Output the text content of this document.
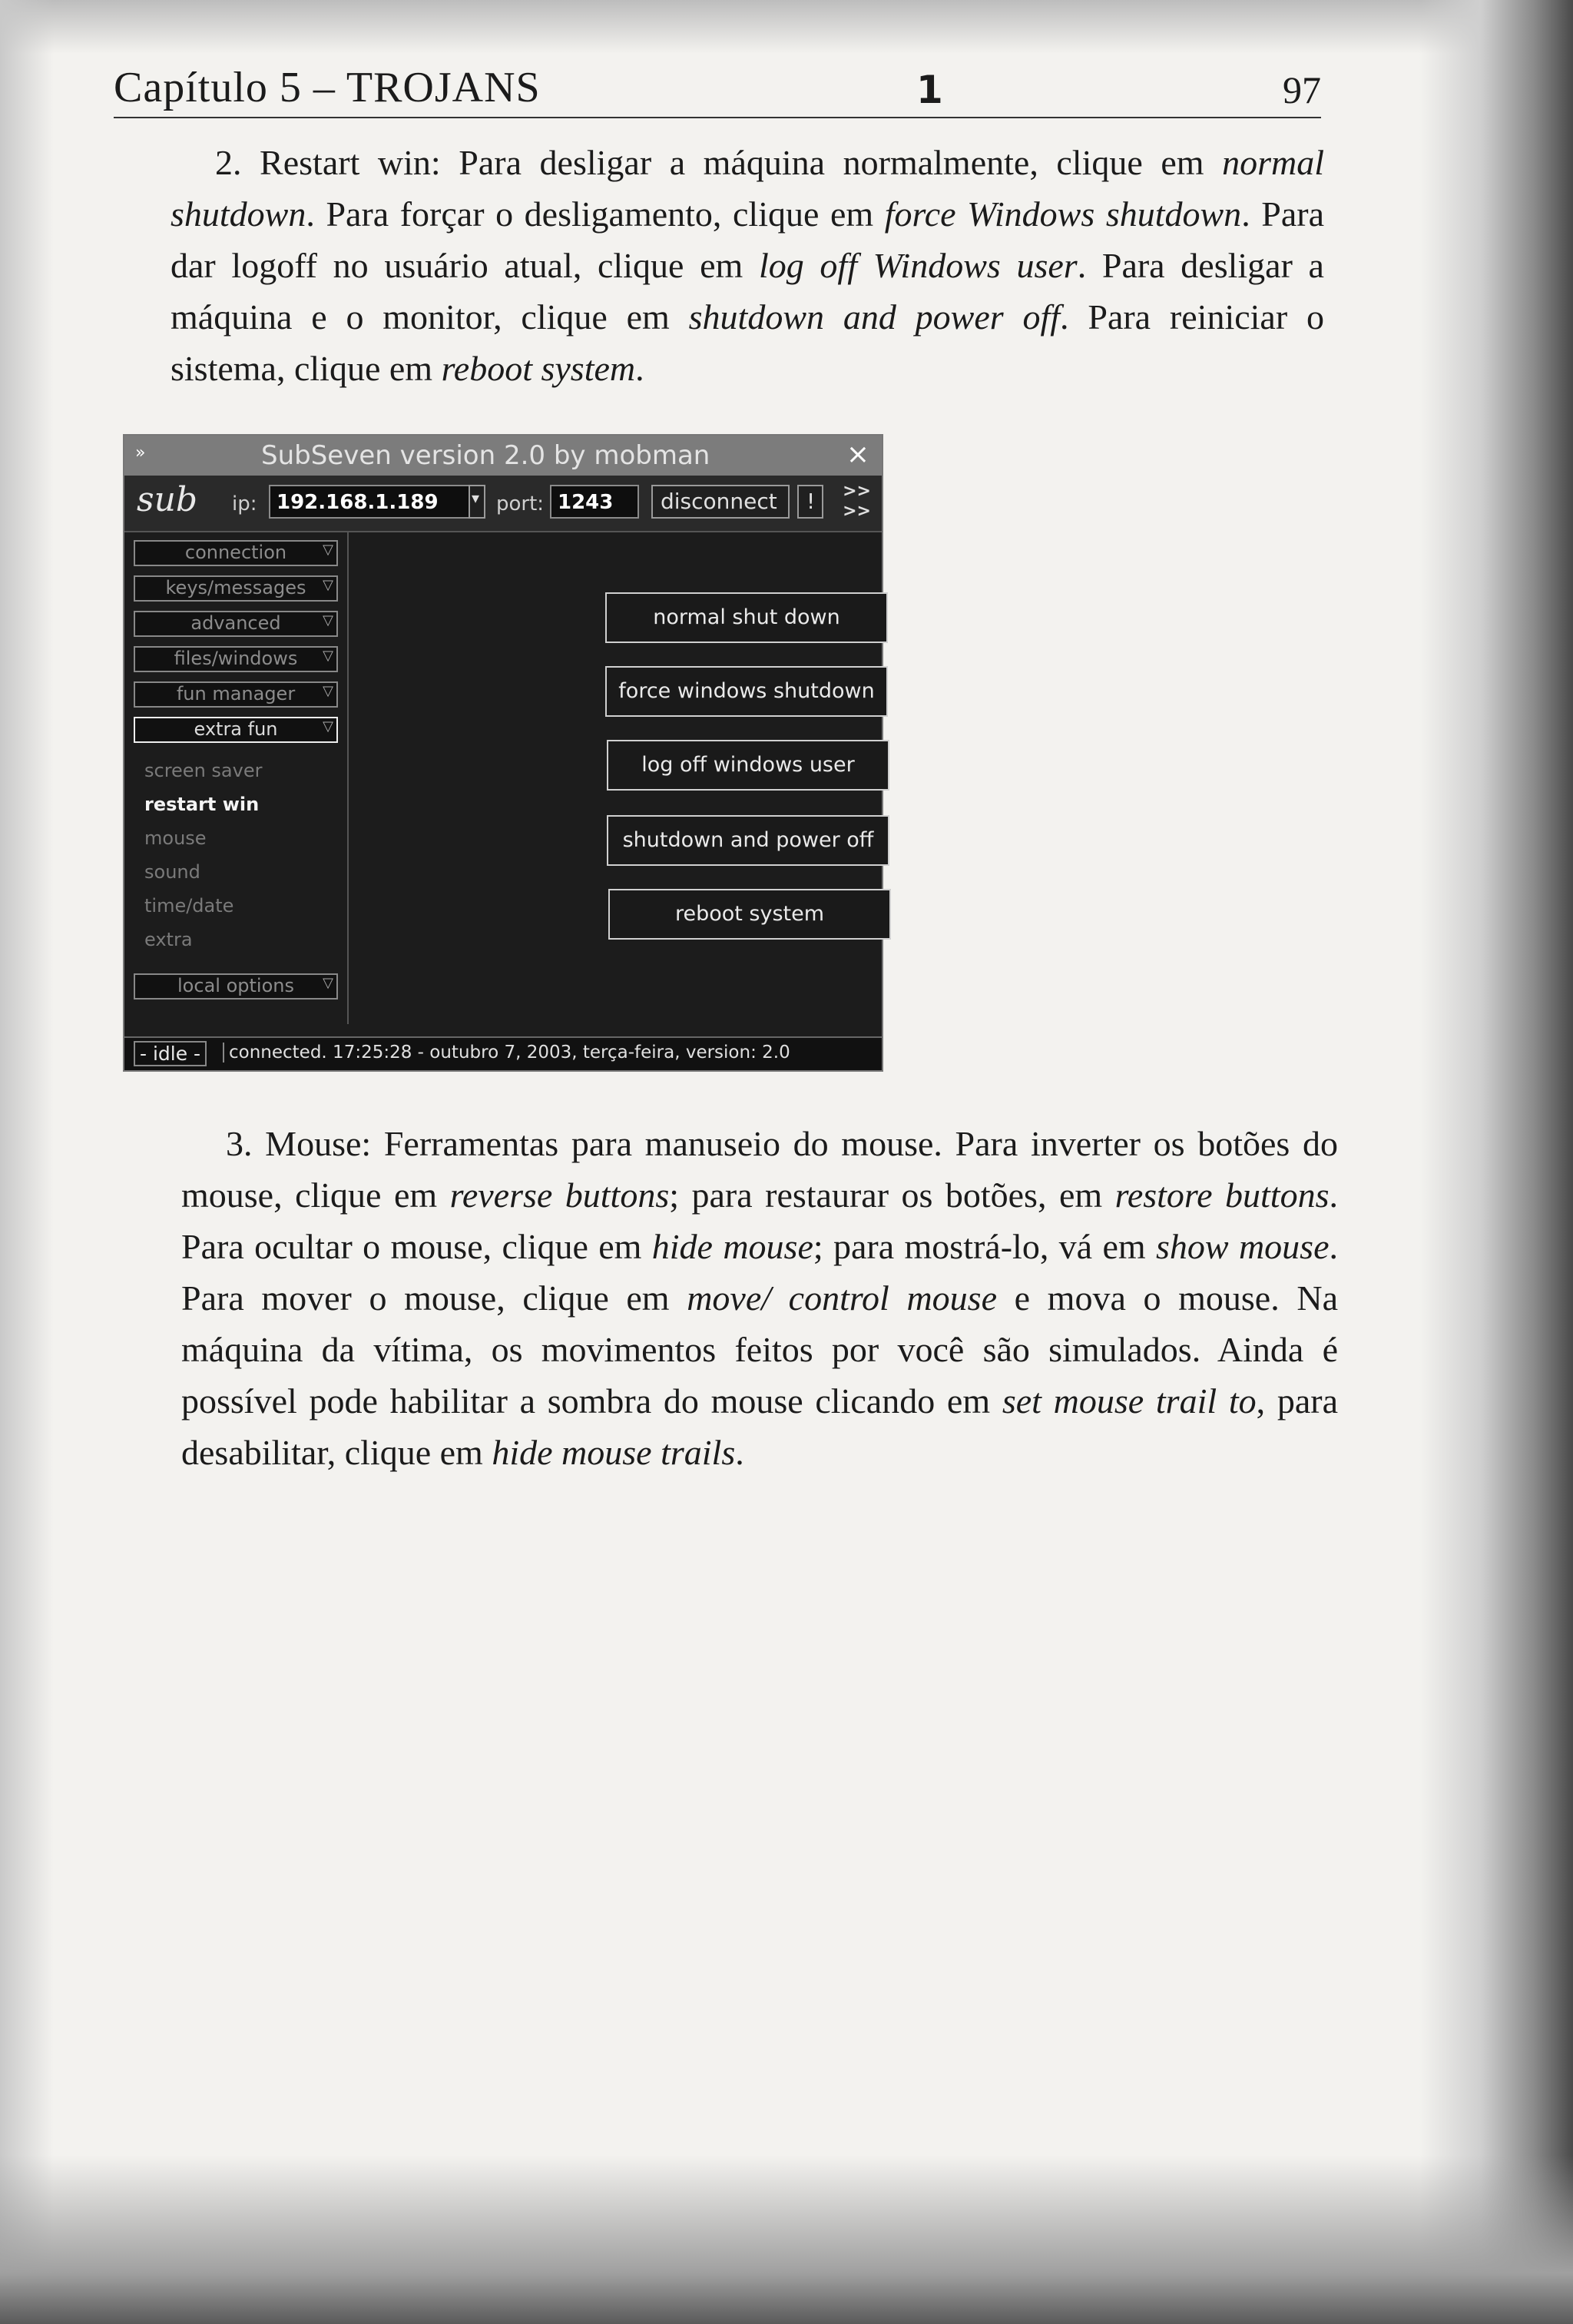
Capítulo 5 – TROJANS	1	97

2. Restart win: Para desligar a máquina normalmente, clique em normal shutdown. Para forçar o desligamento, clique em force Windows shutdown. Para dar logoff no usuário atual, clique em log off Windows user. Para desligar a máquina e o monitor, clique em shutdown and power off. Para reiniciar o sistema, clique em reboot system.

»	SubSeven version 2.0 by mobman	×
sub ip: 192.168.1.189	▾ port: 1243	disconnect	!	>>
>>
connection	▽
keys/messages ▽
advanced	▽
files/windows ▽
fun manager ▽
extra fun	▽
screen saver
restart win
mouse
sound
time/date
extra
local options ▽
normal shut down
force windows shutdown
log off windows user
shutdown and power off
reboot system
- idle -	connected. 17:25:28 - outubro 7, 2003, terça-feira, version: 2.0

3. Mouse: Ferramentas para manuseio do mouse. Para inverter os botões do mouse, clique em reverse buttons; para restaurar os botões, em restore buttons. Para ocultar o mouse, clique em hide mouse; para mostrá-lo, vá em show mouse. Para mover o mouse, clique em move/ control mouse e mova o mouse. Na máquina da vítima, os movimentos feitos por você são simulados. Ainda é possível pode habilitar a sombra do mouse clicando em set mouse trail to, para desabilitar, clique em hide mouse trails.
